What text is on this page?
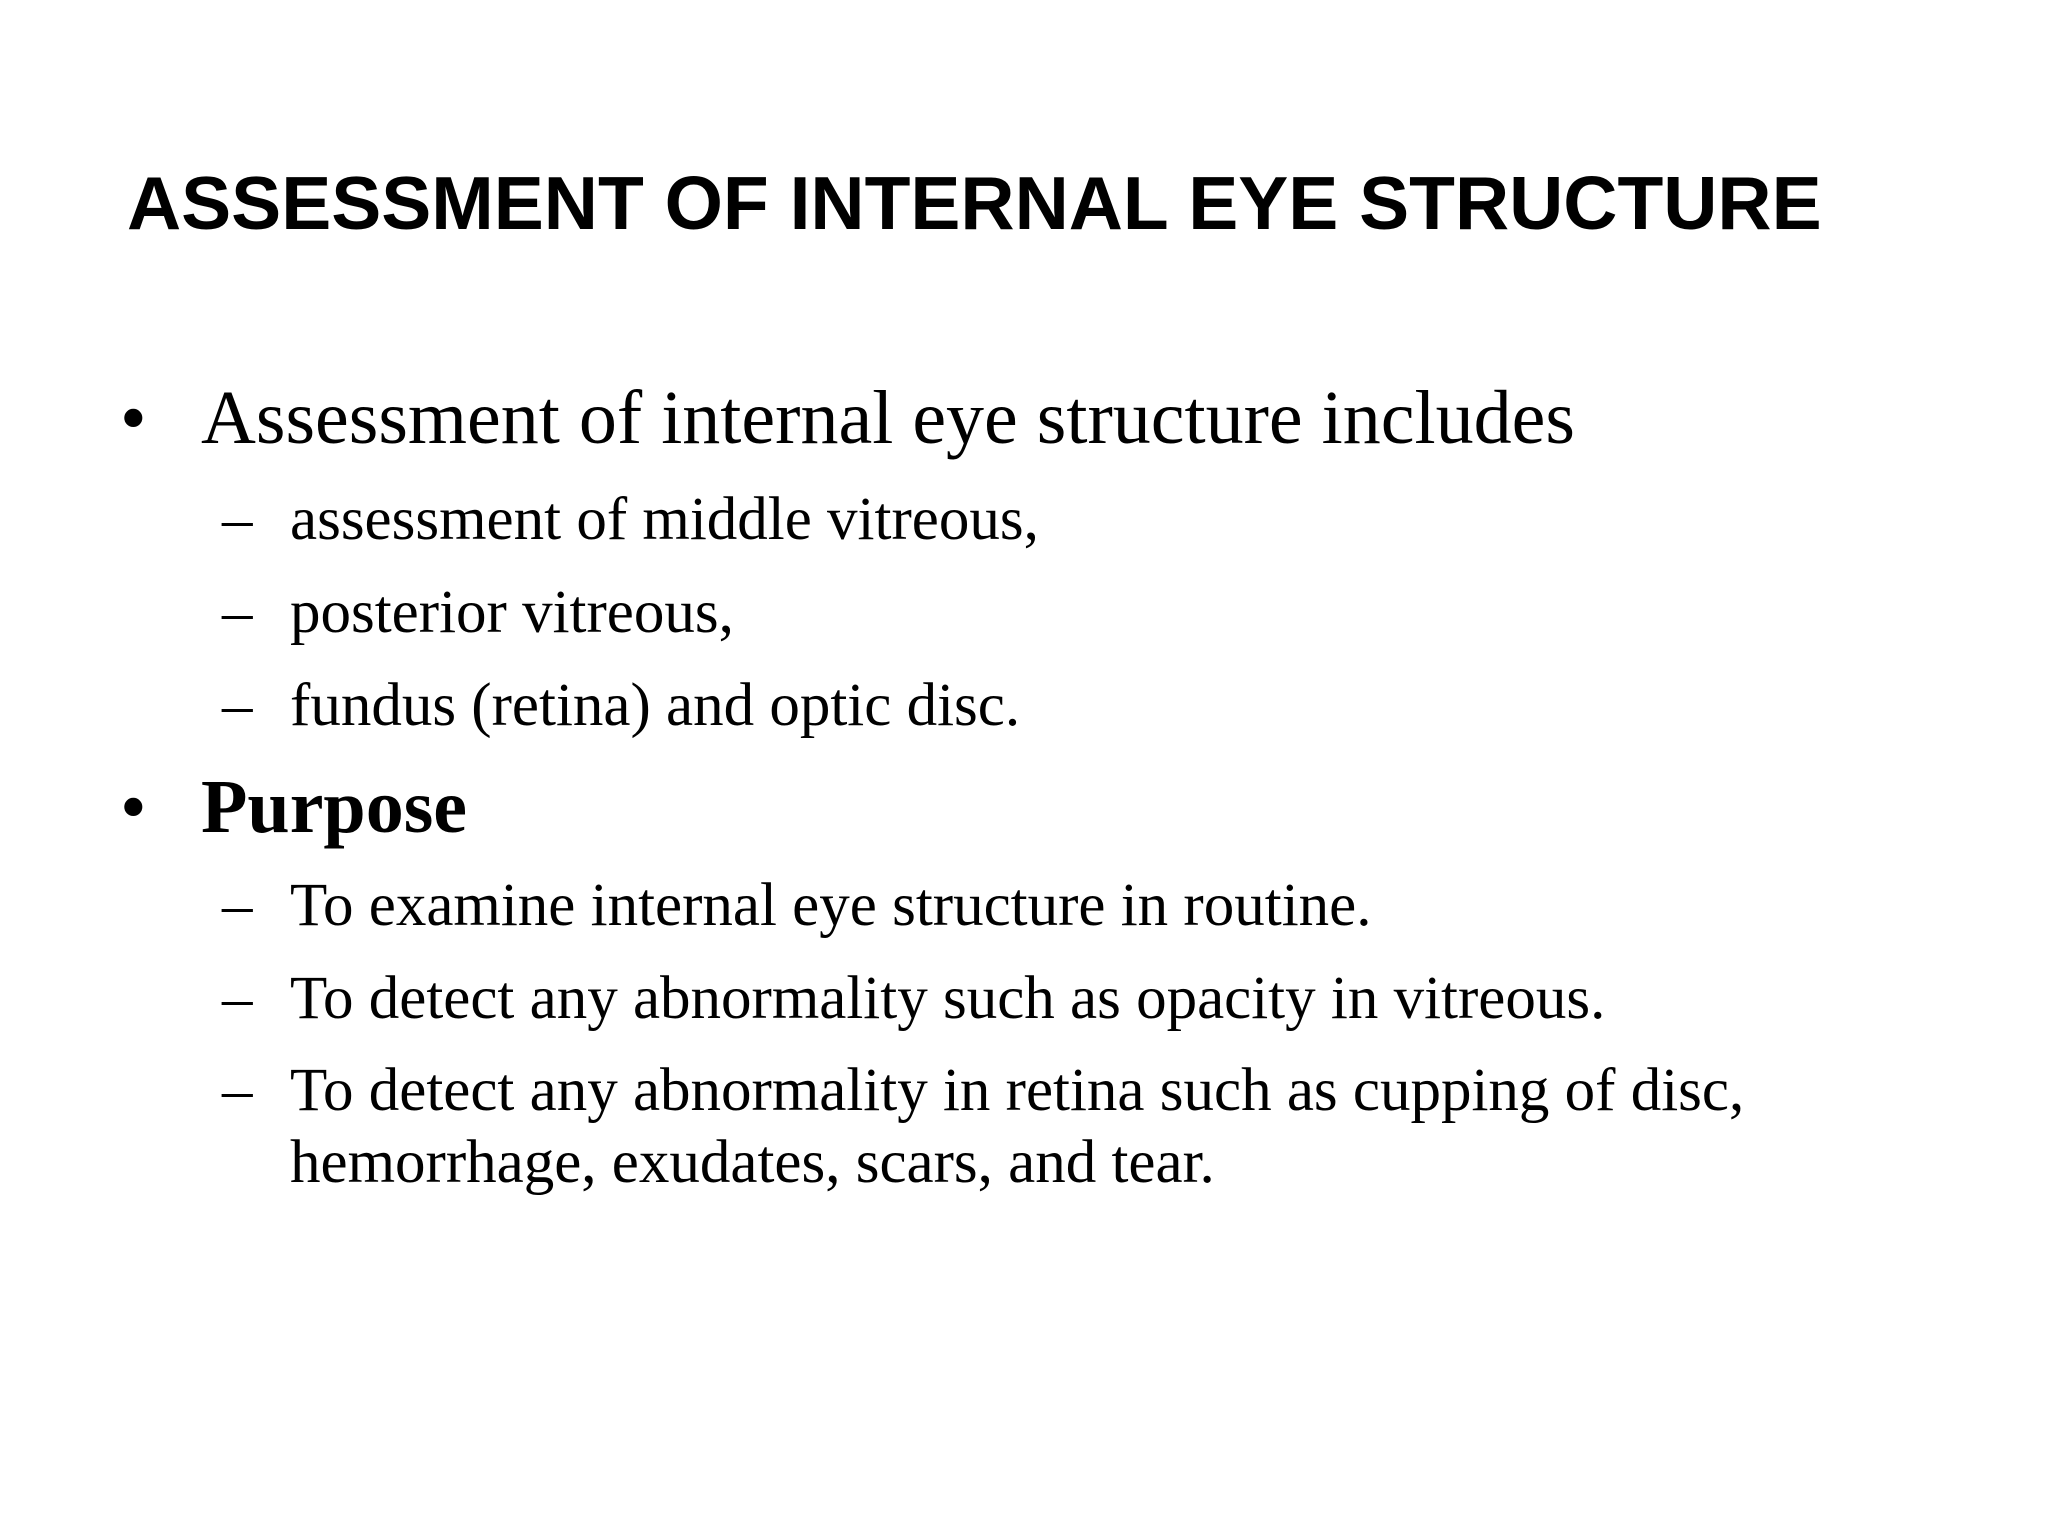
ASSESSMENT OF INTERNAL EYE STRUCTURE
• Assessment of internal eye structure includes
– assessment of middle vitreous,
– posterior vitreous,
– fundus (retina) and optic disc.
• Purpose
– To examine internal eye structure in routine.
– To detect any abnormality such as opacity in vitreous.
– To detect any abnormality in retina such as cupping of disc, hemorrhage, exudates, scars, and tear.
